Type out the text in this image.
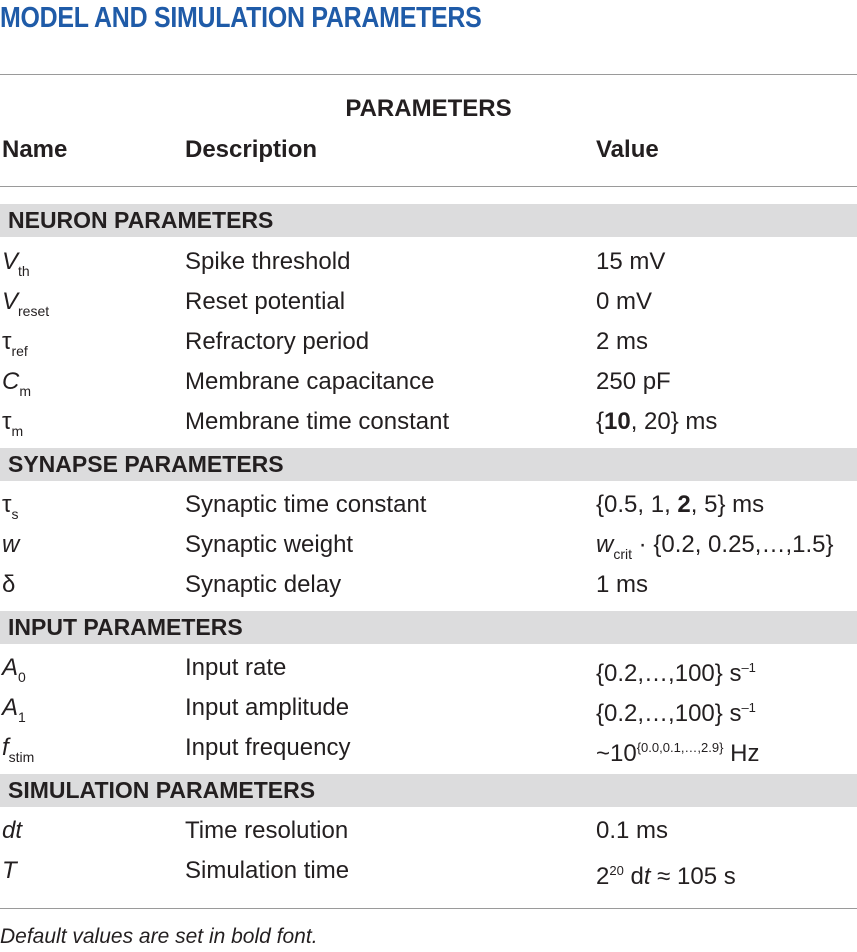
MODEL AND SIMULATION PARAMETERS
PARAMETERS
Name	Description	Value
NEURON PARAMETERS
$V_{th}$	Spike threshold	15 mV
$V_{reset}$	Reset potential	0 mV
$\tau_{ref}$	Refractory period	2 ms
$C_m$	Membrane capacitance	250 pF
$\tau_m$	Membrane time constant	{10, 20} ms
SYNAPSE PARAMETERS
$\tau_s$	Synaptic time constant	{0.5, 1, 2, 5} ms
w	Synaptic weight	$w_{crit} \cdot \{0.2$, 0.25,…,1.5}
δ	Synaptic delay	1 ms
INPUT PARAMETERS
$A_0$	Input rate	{0.2,…,100} $s^{-1}$
$A_1$	Input amplitude	{0.2,…,100} $s^{-1}$
$f_{stim}$	Input frequency	$\sim 10^{\{0.0,0.1,\dots,2.9\}}$ Hz
SIMULATION PARAMETERS
dt	Time resolution	0.1 ms
T	Simulation time	$2^{20}$ dt ≈ 105 s
Default values are set in bold font.
